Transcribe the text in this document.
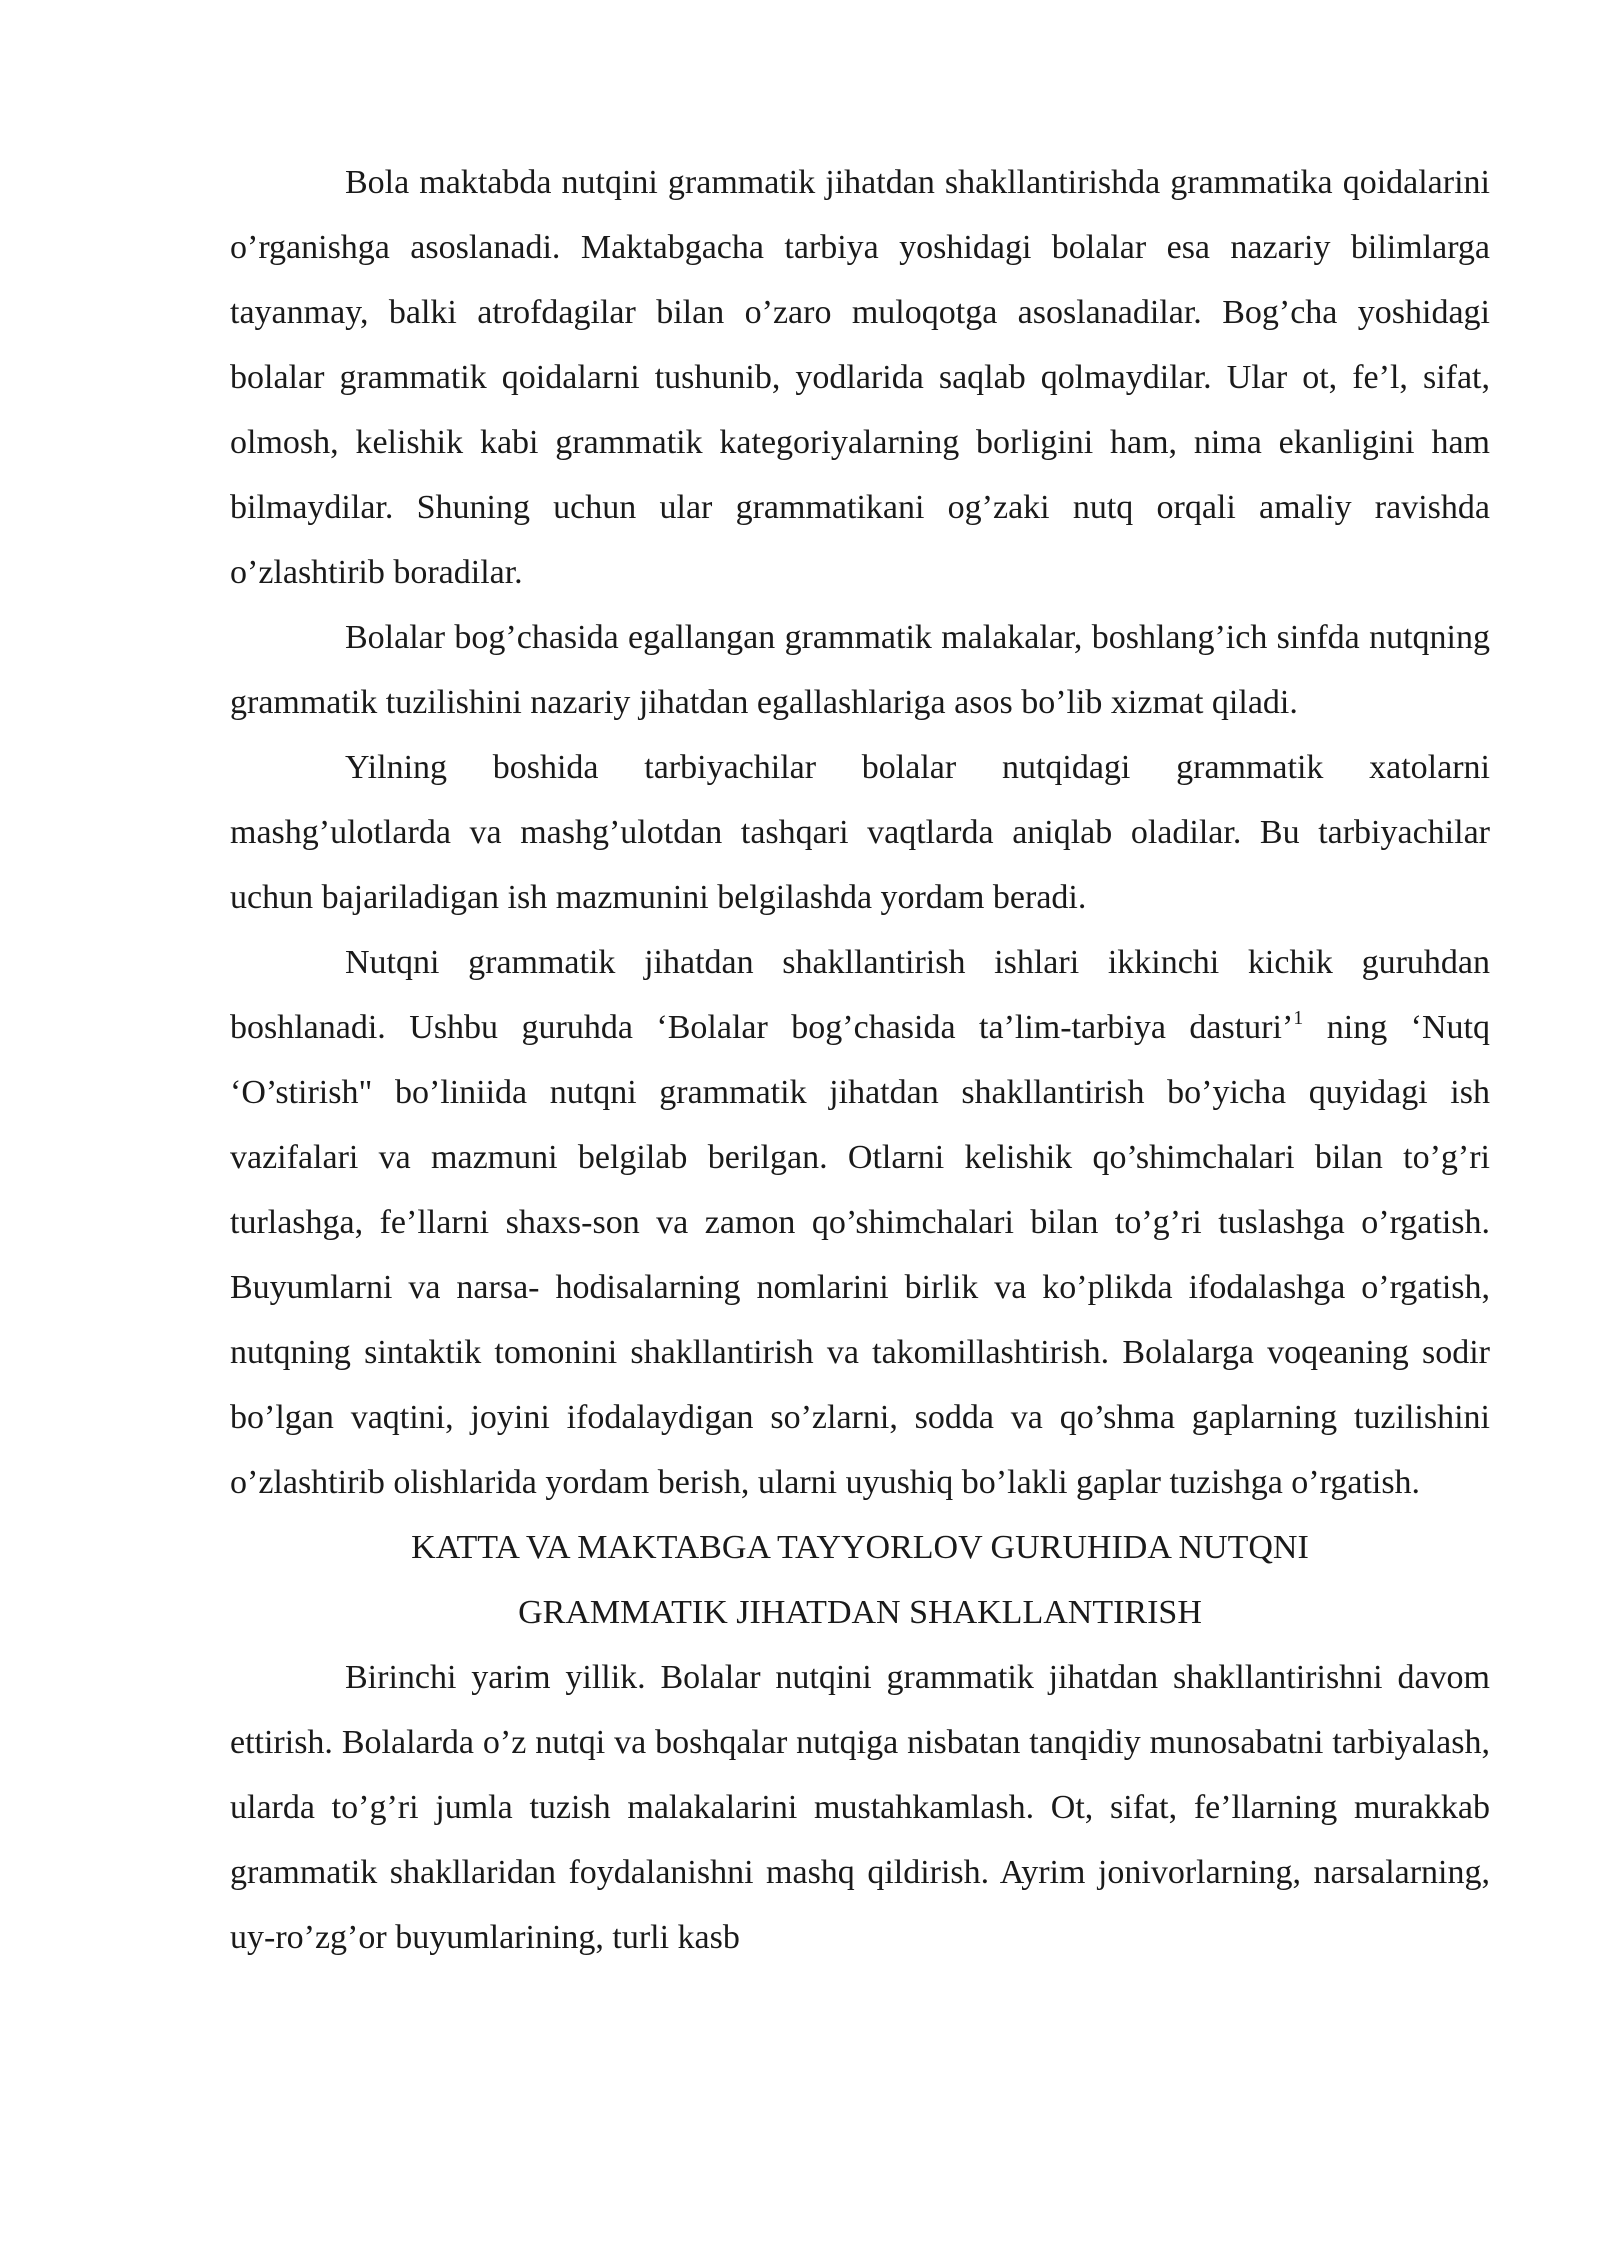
Bola maktabda nutqini grammatik jihatdan shakllantirishda grammatika qoidalarini o’rganishga asoslanadi. Maktabgacha tarbiya yoshidagi bolalar esa nazariy bilimlarga tayanmay, balki atrofdagilar bilan o’zaro muloqotga asoslanadilar. Bog’cha yoshidagi bolalar grammatik qoidalarni tushunib, yodlarida saqlab qolmaydilar. Ular ot, fe’l, sifat, olmosh, kelishik kabi grammatik kategoriyalarning borligini ham, nima ekanligini ham bilmaydilar. Shuning uchun ular grammatikani og’zaki nutq orqali amaliy ravishda o’zlashtirib boradilar.

Bolalar bog’chasida egallangan grammatik malakalar, boshlang’ich sinfda nutqning grammatik tuzilishini nazariy jihatdan egallashlariga asos bo’lib xizmat qiladi.

Yilning boshida tarbiyachilar bolalar nutqidagi grammatik xatolarni mashg’ulotlarda va mashg’ulotdan tashqari vaqtlarda aniqlab oladilar. Bu tarbiyachilar uchun bajariladigan ish mazmunini belgilashda yordam beradi.

Nutqni grammatik jihatdan shakllantirish ishlari ikkinchi kichik guruhdan boshlanadi. Ushbu guruhda ‘Bolalar bog’chasida ta’lim-tarbiya dasturi’$^1$ ning ‘Nutq ‘O’stirish" bo’liniida nutqni grammatik jihatdan shakllantirish bo’yicha quyidagi ish vazifalari va mazmuni belgilab berilgan. Otlarni kelishik qo’shimchalari bilan to’g’ri turlashga, fe’llarni shaxs-son va zamon qo’shimchalari bilan to’g’ri tuslashga o’rgatish. Buyumlarni va narsa- hodisalarning nomlarini birlik va ko’plikda ifodalashga o’rgatish, nutqning sintaktik tomonini shakllantirish va takomillashtirish. Bolalarga voqeaning sodir bo’lgan vaqtini, joyini ifodalaydigan so’zlarni, sodda va qo’shma gaplarning tuzilishini o’zlashtirib olishlarida yordam berish, ularni uyushiq bo’lakli gaplar tuzishga o’rgatish.

KATTA VA MAKTABGA TAYYORLOV GURUHIDA NUTQNI

GRAMMATIK JIHATDAN SHAKLLANTIRISH

Birinchi yarim yillik. Bolalar nutqini grammatik jihatdan shakllantirishni davom ettirish. Bolalarda o’z nutqi va boshqalar nutqiga nisbatan tanqidiy munosabatni tarbiyalash, ularda to’g’ri jumla tuzish malakalarini mustahkamlash. Ot, sifat, fe’llarning murakkab grammatik shakllaridan foydalanishni mashq qildirish. Ayrim jonivorlarning, narsalarning, uy-ro’zg’or buyumlarining, turli kasb
